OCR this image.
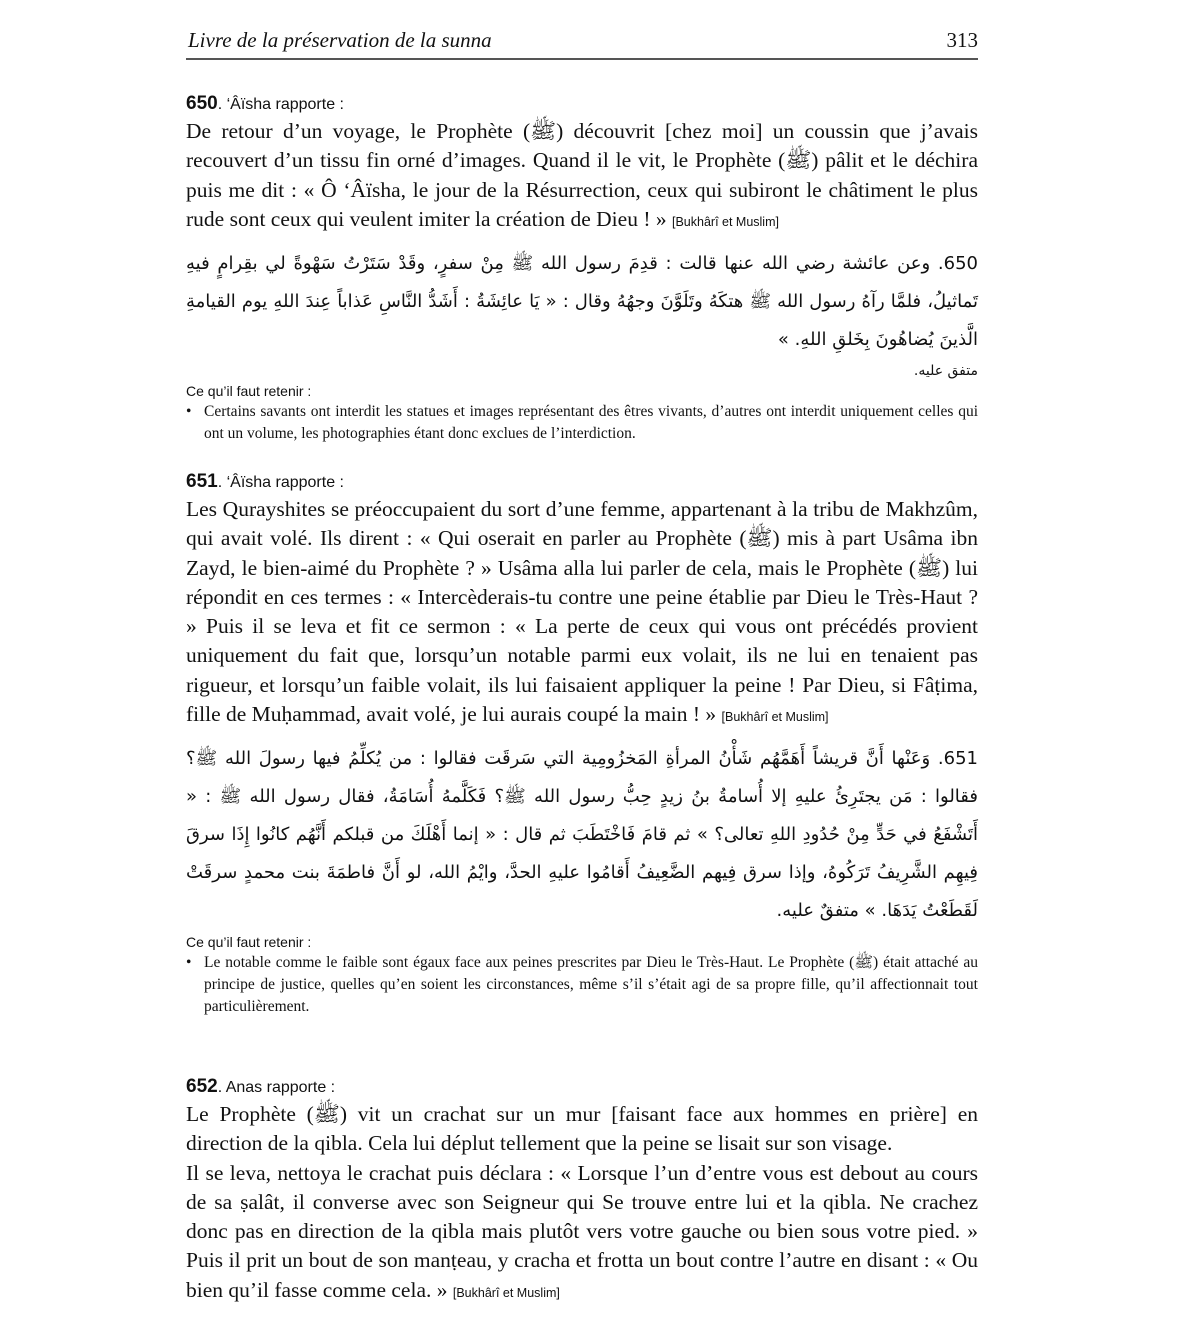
Livre de la préservation de la sunna	313
650. ‘Âïsha rapporte :
De retour d’un voyage, le Prophète (ﷺ) découvrit [chez moi] un coussin que j’avais recouvert d’un tissu fin orné d’images. Quand il le vit, le Prophète (ﷺ) pâlit et le déchira puis me dit : « Ô ‘Âïsha, le jour de la Résurrection, ceux qui subiront le châtiment le plus rude sont ceux qui veulent imiter la création de Dieu ! » [Bukhârî et Muslim]
650. وعن عائشة رضي الله عنها قالت : قدِمَ رسول الله ﷺ مِنْ سفرٍ، وقَدْ سَتَرْتُ سَهْوةً لي بقِرامٍ فيهِ تَماثيلُ، فلمَّا رآهُ رسول الله ﷺ هتكَهُ وتَلَوَّنَ وجهُهُ وقال : « يَا عائِشَةُ : أَشَدُّ النَّاسِ عَذاباً عِندَ اللهِ يوم القيامةِ الَّذينَ يُضاهُونَ بِخَلقِ اللهِ. »
متفق عليه.
Ce qu’il faut retenir :
• Certains savants ont interdit les statues et images représentant des êtres vivants, d’autres ont interdit uniquement celles qui ont un volume, les photographies étant donc exclues de l’interdiction.
651. ‘Âïsha rapporte :
Les Qurayshites se préoccupaient du sort d’une femme, appartenant à la tribu de Makhzûm, qui avait volé. Ils dirent : « Qui oserait en parler au Prophète (ﷺ) mis à part Usâma ibn Zayd, le bien-aimé du Prophète ? » Usâma alla lui parler de cela, mais le Prophète (ﷺ) lui répondit en ces termes : « Intercèderais-tu contre une peine établie par Dieu le Très-Haut ? » Puis il se leva et fit ce sermon : « La perte de ceux qui vous ont précédés provient uniquement du fait que, lorsqu’un notable parmi eux volait, ils ne lui en tenaient pas rigueur, et lorsqu’un faible volait, ils lui faisaient appliquer la peine ! Par Dieu, si Fâṭima, fille de Muḥammad, avait volé, je lui aurais coupé la main ! » [Bukhârî et Muslim]
651. وَعَنْها أَنَّ قريشاً أَهَمَّهُم شَأْنُ المرأةِ المَخزُومِية التي سَرقَت فقالوا : من يُكلِّمُ فيها رسولَ الله ﷺ؟ فقالوا : مَن يجتَرِئُ عليهِ إلا أُسامةُ بنُ زيدٍ حِبُّ رسول الله ﷺ؟ فَكَلَّمهُ أُسَامَةُ، فقال رسول الله ﷺ : « أَتَشْفَعُ في حَدٍّ مِنْ حُدُودِ اللهِ تعالى؟ » ثم قامَ فَاخْتَطَبَ ثم قال : « إنما أَهْلَكَ من قبلكم أَنَّهُم كانُوا إِذَا سرقَ فِيهِم الشَّرِيفُ تَرَكُوهُ، وإذا سرق فِيهم الضَّعِيفُ أَقامُوا عليهِ الحدَّ، وايْمُ الله، لو أَنَّ فاطمَةَ بنت محمدٍ سرقَتْ لَقَطَعْتُ يَدَهَا. » متفقٌ عليه.
Ce qu’il faut retenir :
• Le notable comme le faible sont égaux face aux peines prescrites par Dieu le Très-Haut. Le Prophète (ﷺ) était attaché au principe de justice, quelles qu’en soient les circonstances, même s’il s’était agi de sa propre fille, qu’il affectionnait tout particulièrement.
652. Anas rapporte :

Le Prophète (ﷺ) vit un crachat sur un mur [faisant face aux hommes en prière] en direction de la qibla. Cela lui déplut tellement que la peine se lisait sur son visage.

Il se leva, nettoya le crachat puis déclara : « Lorsque l’un d’entre vous est debout au cours de sa ṣalât, il converse avec son Seigneur qui Se trouve entre lui et la qibla. Ne crachez donc pas en direction de la qibla mais plutôt vers votre gauche ou bien sous votre pied. » Puis il prit un bout de son manṭeau, y cracha et frotta un bout contre l’autre en disant : « Ou bien qu’il fasse comme cela. » [Bukhârî et Muslim]
